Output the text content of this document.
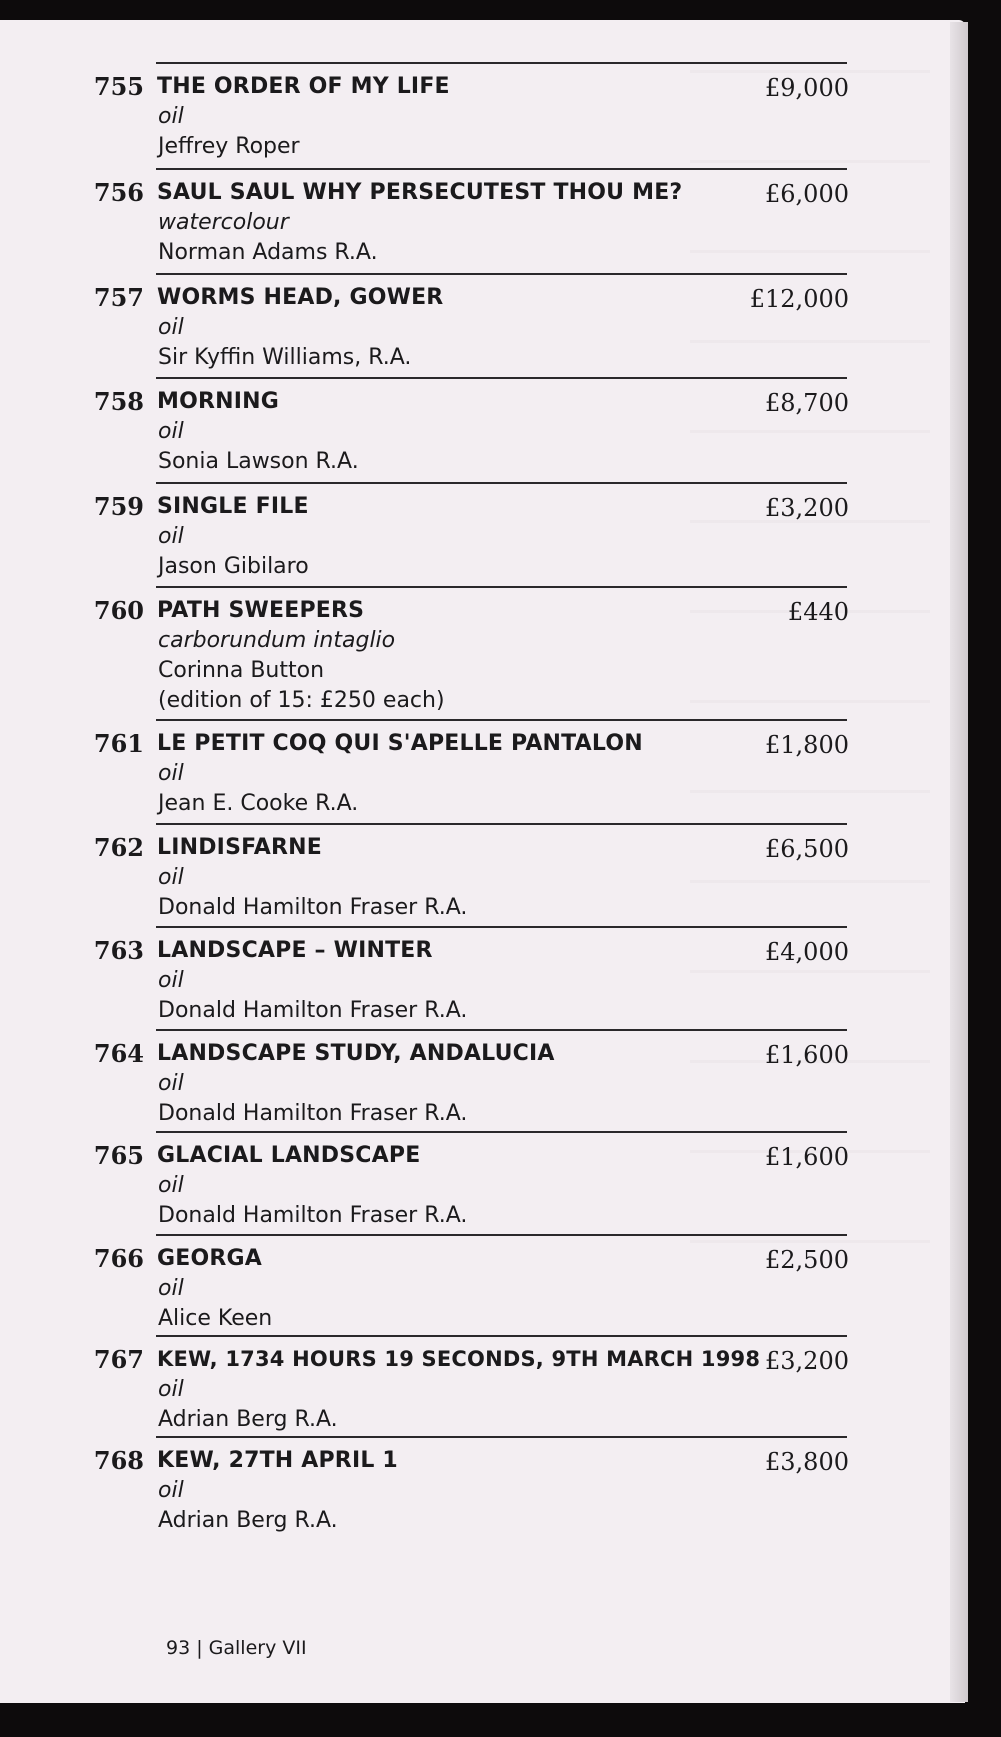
755 THE ORDER OF MY LIFE
oil
Jeffrey Roper
£9,000
756 SAUL SAUL WHY PERSECUTEST THOU ME?
watercolour
Norman Adams R.A.
£6,000
757 WORMS HEAD, GOWER
oil
Sir Kyffin Williams, R.A.
£12,000
758 MORNING
oil
Sonia Lawson R.A.
£8,700
759 SINGLE FILE
oil
Jason Gibilaro
£3,200
760 PATH SWEEPERS
carborundum intaglio
Corinna Button
(edition of 15: £250 each)
£440
761 LE PETIT COQ QUI S'APELLE PANTALON
oil
Jean E. Cooke R.A.
£1,800
762 LINDISFARNE
oil
Donald Hamilton Fraser R.A.
£6,500
763 LANDSCAPE – WINTER
oil
Donald Hamilton Fraser R.A.
£4,000
764 LANDSCAPE STUDY, ANDALUCIA
oil
Donald Hamilton Fraser R.A.
£1,600
765 GLACIAL LANDSCAPE
oil
Donald Hamilton Fraser R.A.
£1,600
766 GEORGA
oil
Alice Keen
£2,500
767 KEW, 1734 HOURS 19 SECONDS, 9TH MARCH 1998
oil
Adrian Berg R.A.
£3,200
768 KEW, 27TH APRIL 1
oil
Adrian Berg R.A.
£3,800
93 | Gallery VII
